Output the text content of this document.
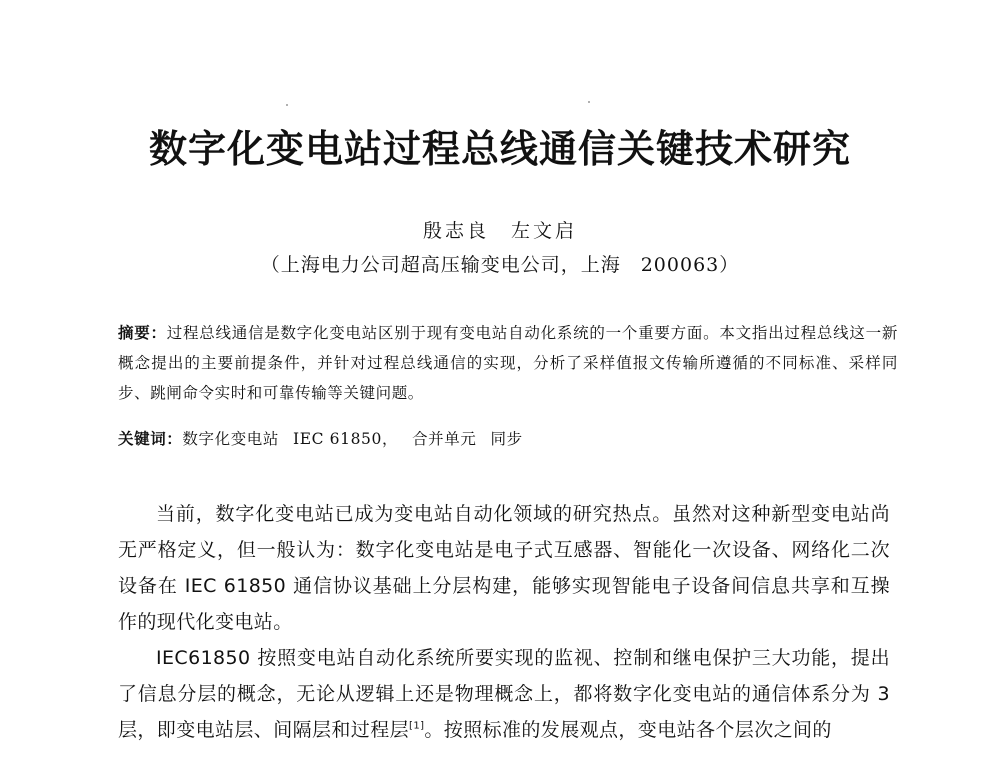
数字化变电站过程总线通信关键技术研究
殷志良　左文启
（上海电力公司超高压输变电公司，上海　200063）
摘要：过程总线通信是数字化变电站区别于现有变电站自动化系统的一个重要方面。本文指出过程总线这一新概念提出的主要前提条件，并针对过程总线通信的实现，分析了采样值报文传输所遵循的不同标准、采样同步、跳闸命令实时和可靠传输等关键问题。
关键词：数字化变电站 IEC 61850， 合并单元 同步

当前，数字化变电站已成为变电站自动化领域的研究热点。虽然对这种新型变电站尚无严格定义，但一般认为：数字化变电站是电子式互感器、智能化一次设备、网络化二次设备在 IEC 61850 通信协议基础上分层构建，能够实现智能电子设备间信息共享和互操作的现代化变电站。

IEC61850 按照变电站自动化系统所要实现的监视、控制和继电保护三大功能，提出了信息分层的概念，无论从逻辑上还是物理概念上，都将数字化变电站的通信体系分为 3 层，即变电站层、间隔层和过程层[1]。按照标准的发展观点，变电站各个层次之间的
